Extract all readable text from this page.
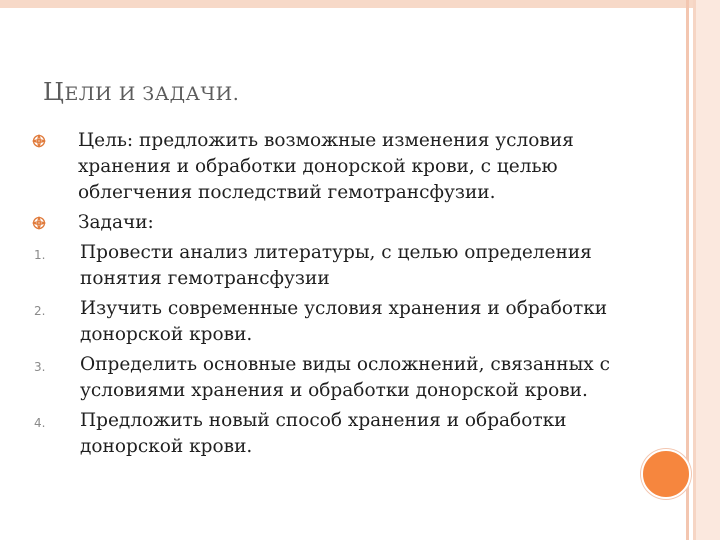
ЦЕЛИ И ЗАДАЧИ.
Цель: предложить возможные изменения условия хранения и обработки донорской крови, с целью облегчения последствий гемотрансфузии.
Задачи:
1.	Провести анализ литературы, с целью определения понятия гемотрансфузии
2.	Изучить современные условия хранения и обработки донорской крови.
3.	Определить основные виды осложнений, связанных с условиями хранения и обработки донорской крови.
4.	Предложить новый способ хранения и обработки донорской крови.
